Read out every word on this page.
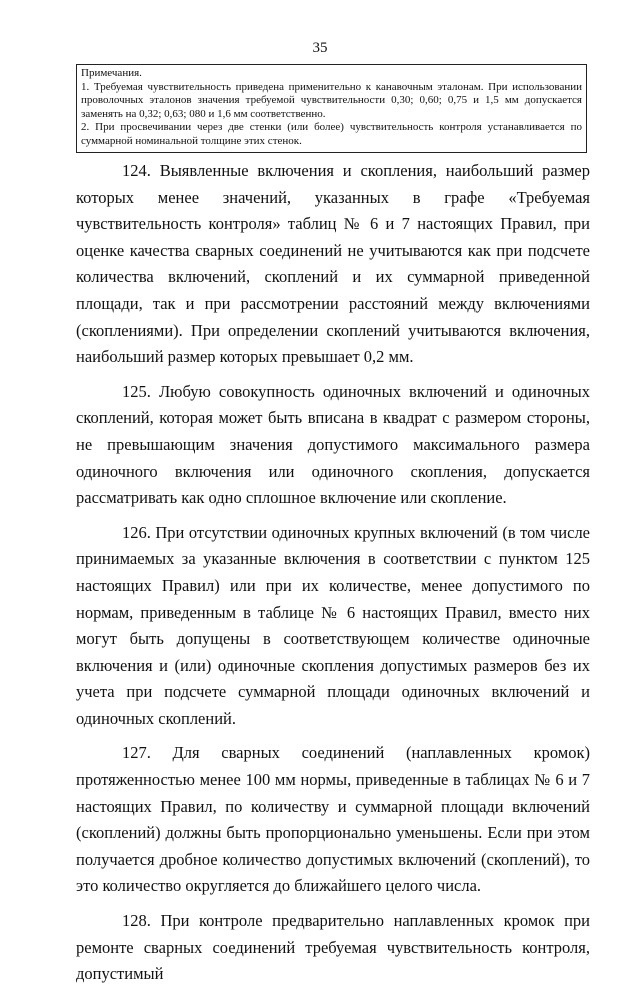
35

Примечания.

1. Требуемая чувствительность приведена применительно к канавочным эталонам. При использовании проволочных эталонов значения требуемой чувствительности 0,30; 0,60; 0,75 и 1,5 мм допускается заменять на 0,32; 0,63; 080 и 1,6 мм соответственно.

2. При просвечивании через две стенки (или более) чувствительность контроля устанавливается по суммарной номинальной толщине этих стенок.

124. Выявленные включения и скопления, наибольший размер которых менее значений, указанных в графе «Требуемая чувствительность контроля» таблиц № 6 и 7 настоящих Правил, при оценке качества сварных соединений не учитываются как при подсчете количества включений, скоплений и их суммарной приведенной площади, так и при рассмотрении расстояний между включениями (скоплениями). При определении скоплений учитываются включения, наибольший размер которых превышает 0,2 мм.

125. Любую совокупность одиночных включений и одиночных скоплений, которая может быть вписана в квадрат с размером стороны, не превышающим значения допустимого максимального размера одиночного включения или одиночного скопления, допускается рассматривать как одно сплошное включение или скопление.

126. При отсутствии одиночных крупных включений (в том числе принимаемых за указанные включения в соответствии с пунктом 125 настоящих Правил) или при их количестве, менее допустимого по нормам, приведенным в таблице № 6 настоящих Правил, вместо них могут быть допущены в соответствующем количестве одиночные включения и (или) одиночные скопления допустимых размеров без их учета при подсчете суммарной площади одиночных включений и одиночных скоплений.

127. Для сварных соединений (наплавленных кромок) протяженностью менее 100 мм нормы, приведенные в таблицах № 6 и 7 настоящих Правил, по количеству и суммарной площади включений (скоплений) должны быть пропорционально уменьшены. Если при этом получается дробное количество допустимых включений (скоплений), то это количество округляется до ближайшего целого числа.

128. При контроле предварительно наплавленных кромок при ремонте сварных соединений требуемая чувствительность контроля, допустимый
